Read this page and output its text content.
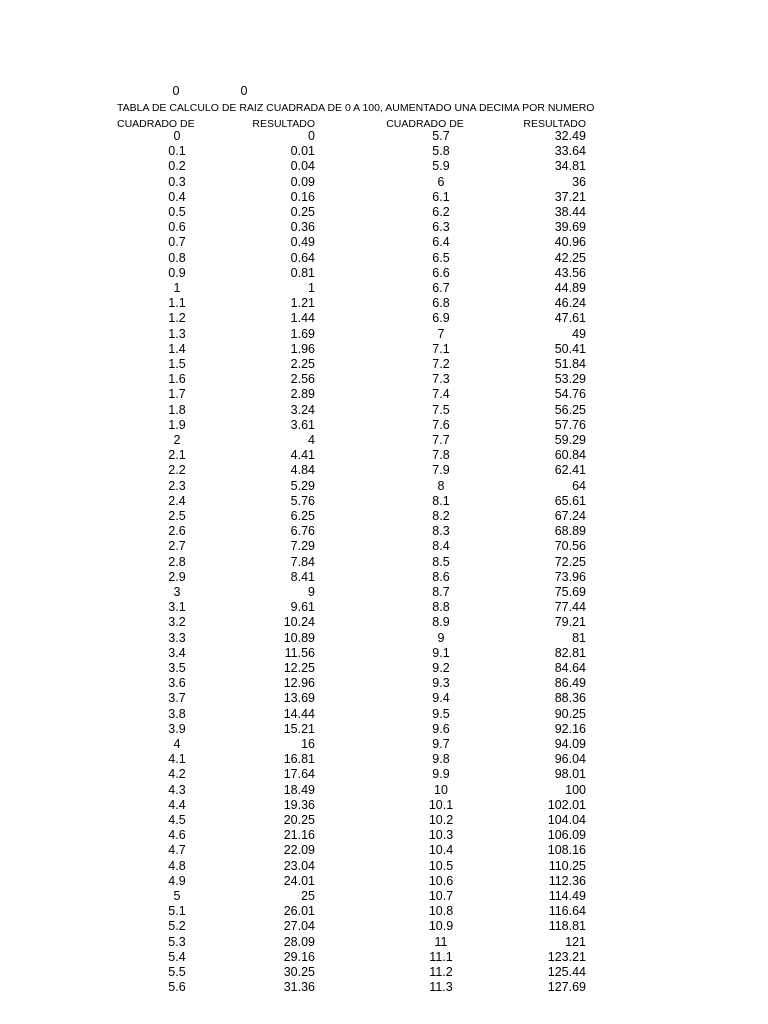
0	0
TABLA DE CALCULO DE RAIZ CUADRADA DE 0 A 100, AUMENTADO UNA DECIMA POR NUMERO
CUADRADO DE	RESULTADO	CUADRADO DE	RESULTADO
0	0	5.7	32.49
0.1	0.01	5.8	33.64
0.2	0.04	5.9	34.81
0.3	0.09	6	36
0.4	0.16	6.1	37.21
0.5	0.25	6.2	38.44
0.6	0.36	6.3	39.69
0.7	0.49	6.4	40.96
0.8	0.64	6.5	42.25
0.9	0.81	6.6	43.56
1	1	6.7	44.89
1.1	1.21	6.8	46.24
1.2	1.44	6.9	47.61
1.3	1.69	7	49
1.4	1.96	7.1	50.41
1.5	2.25	7.2	51.84
1.6	2.56	7.3	53.29
1.7	2.89	7.4	54.76
1.8	3.24	7.5	56.25
1.9	3.61	7.6	57.76
2	4	7.7	59.29
2.1	4.41	7.8	60.84
2.2	4.84	7.9	62.41
2.3	5.29	8	64
2.4	5.76	8.1	65.61
2.5	6.25	8.2	67.24
2.6	6.76	8.3	68.89
2.7	7.29	8.4	70.56
2.8	7.84	8.5	72.25
2.9	8.41	8.6	73.96
3	9	8.7	75.69
3.1	9.61	8.8	77.44
3.2	10.24	8.9	79.21
3.3	10.89	9	81
3.4	11.56	9.1	82.81
3.5	12.25	9.2	84.64
3.6	12.96	9.3	86.49
3.7	13.69	9.4	88.36
3.8	14.44	9.5	90.25
3.9	15.21	9.6	92.16
4	16	9.7	94.09
4.1	16.81	9.8	96.04
4.2	17.64	9.9	98.01
4.3	18.49	10	100
4.4	19.36	10.1	102.01
4.5	20.25	10.2	104.04
4.6	21.16	10.3	106.09
4.7	22.09	10.4	108.16
4.8	23.04	10.5	110.25
4.9	24.01	10.6	112.36
5	25	10.7	114.49
5.1	26.01	10.8	116.64
5.2	27.04	10.9	118.81
5.3	28.09	11	121
5.4	29.16	11.1	123.21
5.5	30.25	11.2	125.44
5.6	31.36	11.3	127.69
